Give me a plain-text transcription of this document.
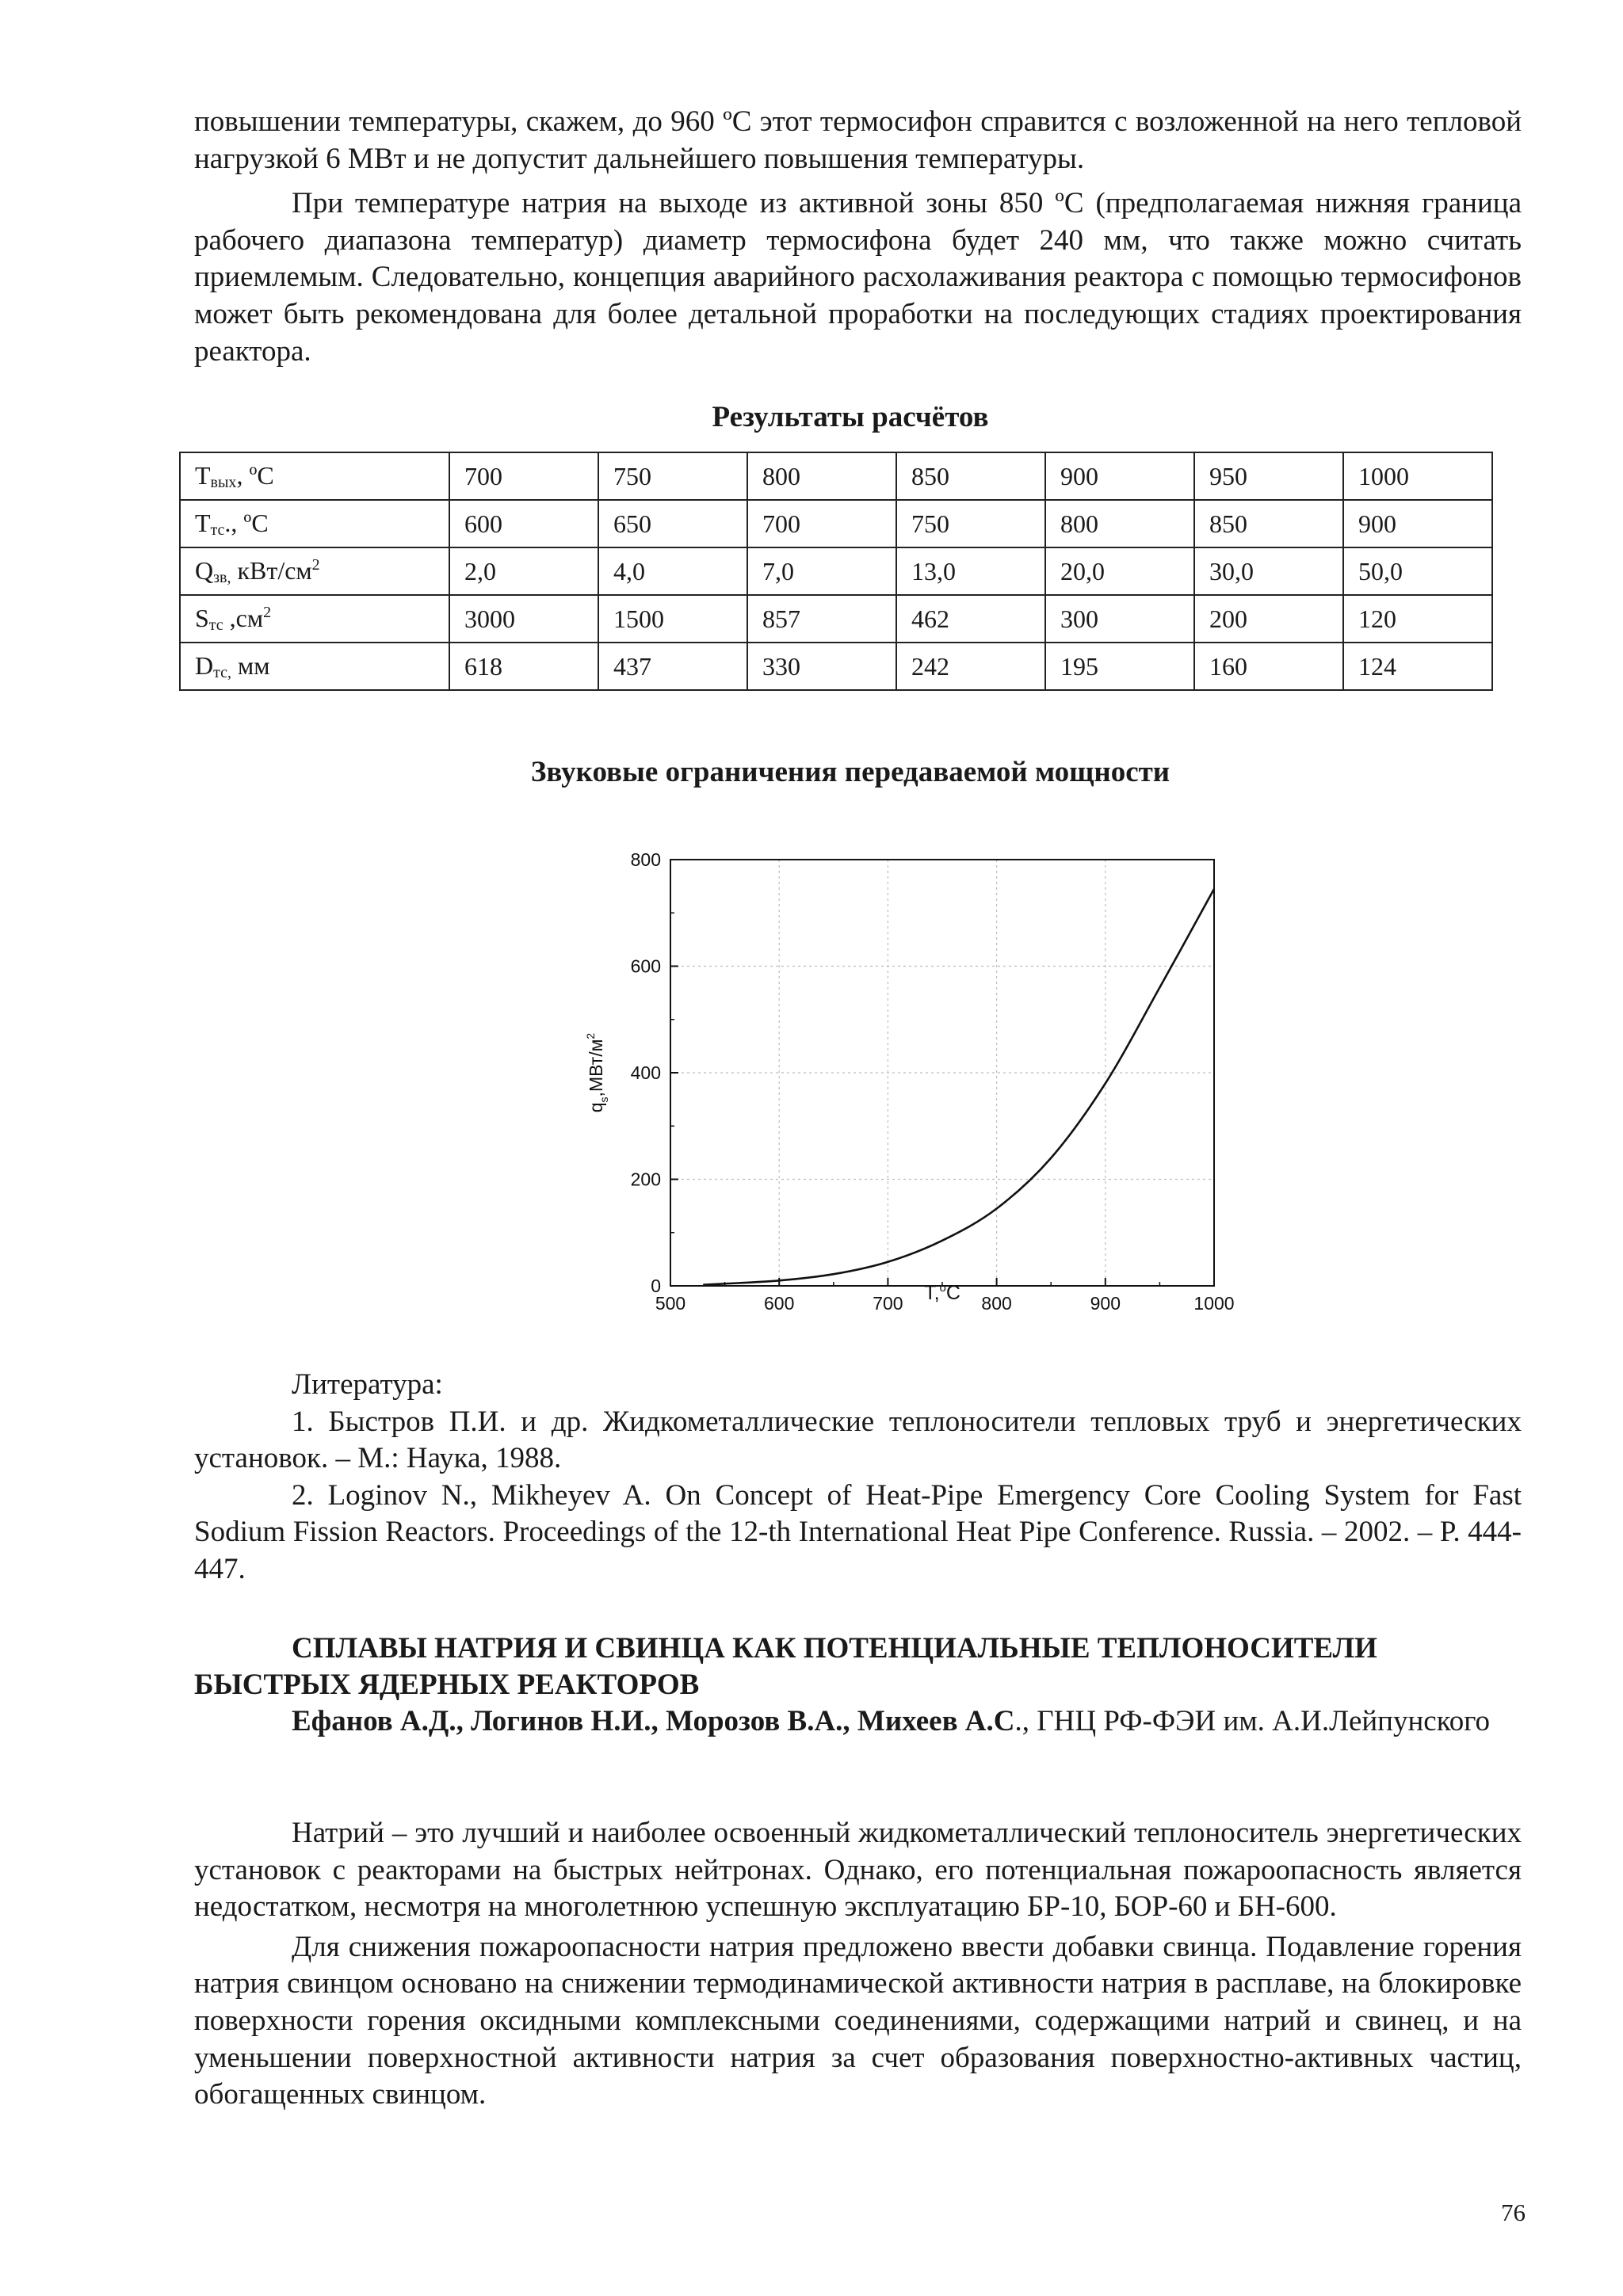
повышении температуры, скажем, до 960 ºС этот термосифон справится с возложенной на него тепловой нагрузкой 6 МВт и не допустит дальнейшего повышения температуры.

При температуре натрия на выходе из активной зоны 850 ºС (предполагаемая нижняя граница рабочего диапазона температур) диаметр термосифона будет 240 мм, что также можно считать приемлемым. Следовательно, концепция аварийного расхолаживания реактора с помощью термосифонов может быть рекомендована для более детальной проработки на последующих стадиях проектирования реактора.

Результаты расчётов

$Т_{вых}$, ºС	700	750	800	850	900	950	1000
$Т_{тс}$., ºС	600	650	700	750	800	850	900
$Q_{зв,}$ кВт/$см^2$	2,0	4,0	7,0	13,0	20,0	30,0	50,0
$S_{тс}$ $,см^2$	3000	1500	857	462	300	200	120
$D_{тс,}$ мм	618	437	330	242	195	160	124

Звуковые ограничения передаваемой мощности

500	600	700	800	900	1000
0
200
400
600
800
T,$^o$C
$q_s,МВт/м^2$

Литература:

1. Быстров П.И. и др. Жидкометаллические теплоносители тепловых труб и энергетических установок. – М.: Наука, 1988.

2. Loginov N., Mikheyev A. On Concept of Heat-Pipe Emergency Core Cooling System for Fast Sodium Fission Reactors. Proceedings of the 12-th International Heat Pipe Conference. Russia. – 2002. – P. 444-447.

СПЛАВЫ НАТРИЯ И СВИНЦА КАК ПОТЕНЦИАЛЬНЫЕ ТЕПЛОНОСИТЕЛИ

БЫСТРЫХ ЯДЕРНЫХ РЕАКТОРОВ

Ефанов А.Д., Логинов Н.И., Морозов В.А., Михеев А.С., ГНЦ РФ-ФЭИ им. А.И.Лейпунского

Натрий – это лучший и наиболее освоенный жидкометаллический теплоноситель энергетических установок с реакторами на быстрых нейтронах. Однако, его потенциальная пожароопасность является недостатком, несмотря на многолетнюю успешную эксплуатацию БР-10, БОР-60 и БН-600.

Для снижения пожароопасности натрия предложено ввести добавки свинца. Подавление горения натрия свинцом основано на снижении термодинамической активности натрия в расплаве, на блокировке поверхности горения оксидными комплексными соединениями, содержащими натрий и свинец, и на уменьшении поверхностной активности натрия за счет образования поверхностно-активных частиц, обогащенных свинцом.

76
